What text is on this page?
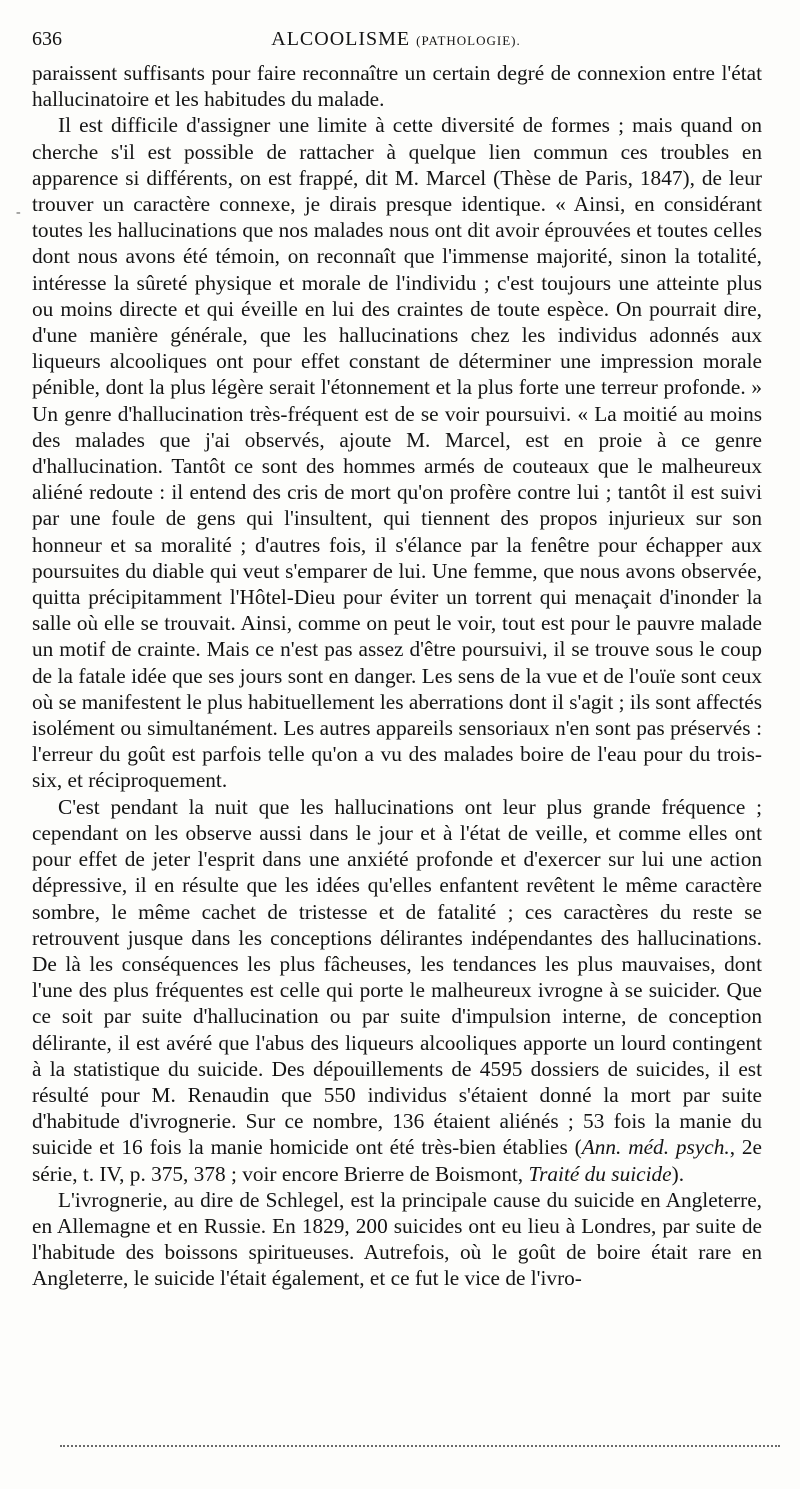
636	ALCOOLISME (PATHOLOGIE).
-

paraissent suffisants pour faire reconnaître un certain degré de connexion entre l'état hallucinatoire et les habitudes du malade.

Il est difficile d'assigner une limite à cette diversité de formes ; mais quand on cherche s'il est possible de rattacher à quelque lien commun ces troubles en apparence si différents, on est frappé, dit M. Marcel (Thèse de Paris, 1847), de leur trouver un caractère connexe, je dirais presque identique. « Ainsi, en considérant toutes les hallucinations que nos malades nous ont dit avoir éprouvées et toutes celles dont nous avons été témoin, on reconnaît que l'immense majorité, sinon la totalité, intéresse la sûreté physique et morale de l'individu ; c'est toujours une atteinte plus ou moins directe et qui éveille en lui des craintes de toute espèce. On pourrait dire, d'une manière générale, que les hallucinations chez les individus adonnés aux liqueurs alcooliques ont pour effet constant de déterminer une impression morale pénible, dont la plus légère serait l'étonnement et la plus forte une terreur profonde. » Un genre d'hallucination très-fréquent est de se voir poursuivi. « La moitié au moins des malades que j'ai observés, ajoute M. Marcel, est en proie à ce genre d'hallucination. Tantôt ce sont des hommes armés de couteaux que le malheureux aliéné redoute : il entend des cris de mort qu'on profère contre lui ; tantôt il est suivi par une foule de gens qui l'insultent, qui tiennent des propos injurieux sur son honneur et sa moralité ; d'autres fois, il s'élance par la fenêtre pour échapper aux poursuites du diable qui veut s'emparer de lui. Une femme, que nous avons observée, quitta précipitamment l'Hôtel-Dieu pour éviter un torrent qui menaçait d'inonder la salle où elle se trouvait. Ainsi, comme on peut le voir, tout est pour le pauvre malade un motif de crainte. Mais ce n'est pas assez d'être poursuivi, il se trouve sous le coup de la fatale idée que ses jours sont en danger. Les sens de la vue et de l'ouïe sont ceux où se manifestent le plus habituellement les aberrations dont il s'agit ; ils sont affectés isolément ou simultanément. Les autres appareils sensoriaux n'en sont pas préservés : l'erreur du goût est parfois telle qu'on a vu des malades boire de l'eau pour du trois-six, et réciproquement.

C'est pendant la nuit que les hallucinations ont leur plus grande fréquence ; cependant on les observe aussi dans le jour et à l'état de veille, et comme elles ont pour effet de jeter l'esprit dans une anxiété profonde et d'exercer sur lui une action dépressive, il en résulte que les idées qu'elles enfantent revêtent le même caractère sombre, le même cachet de tristesse et de fatalité ; ces caractères du reste se retrouvent jusque dans les conceptions délirantes indépendantes des hallucinations. De là les conséquences les plus fâcheuses, les tendances les plus mauvaises, dont l'une des plus fréquentes est celle qui porte le malheureux ivrogne à se suicider. Que ce soit par suite d'hallucination ou par suite d'impulsion interne, de conception délirante, il est avéré que l'abus des liqueurs alcooliques apporte un lourd contingent à la statistique du suicide. Des dépouillements de 4595 dossiers de suicides, il est résulté pour M. Renaudin que 550 individus s'étaient donné la mort par suite d'habitude d'ivrognerie. Sur ce nombre, 136 étaient aliénés ; 53 fois la manie du suicide et 16 fois la manie homicide ont été très-bien établies (Ann. méd. psych., 2e série, t. IV, p. 375, 378 ; voir encore Brierre de Boismont, Traité du suicide).

L'ivrognerie, au dire de Schlegel, est la principale cause du suicide en Angleterre, en Allemagne et en Russie. En 1829, 200 suicides ont eu lieu à Londres, par suite de l'habitude des boissons spiritueuses. Autrefois, où le goût de boire était rare en Angleterre, le suicide l'était également, et ce fut le vice de l'ivro-
